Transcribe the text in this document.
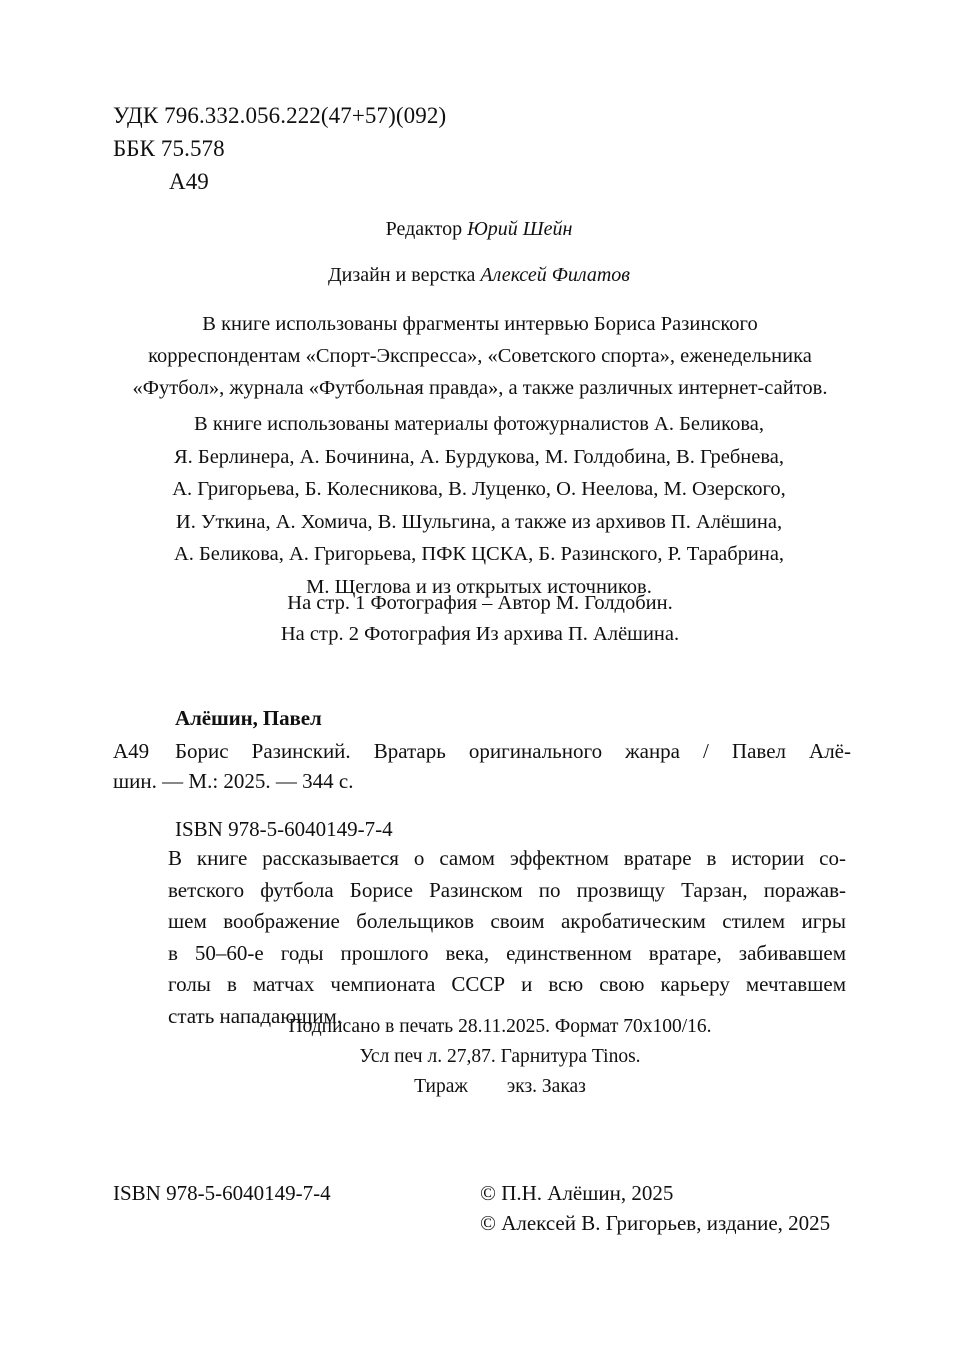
УДК 796.332.056.222(47+57)(092)
ББК 75.578
А49
Редактор Юрий Шейн
Дизайн и верстка Алексей Филатов
В книге использованы фрагменты интервью Бориса Разинского
корреспондентам «Спорт-Экспресса», «Советского спорта», еженедельника
«Футбол», журнала «Футбольная правда», а также различных интернет-сайтов.
В книге использованы материалы фотожурналистов А. Беликова,
Я. Берлинера, А. Бочинина, А. Бурдукова, М. Голдобина, В. Гребнева,
А. Григорьева, Б. Колесникова, В. Луценко, О. Неелова, М. Озерского,
И. Уткина, А. Хомича, В. Шульгина, а также из архивов П. Алёшина,
А. Беликова, А. Григорьева, ПФК ЦСКА, Б. Разинского, Р. Тарабрина,
М. Щеглова и из открытых источников.
На стр. 1 Фотография – Автор М. Голдобин.
На стр. 2 Фотография Из архива П. Алёшина.
Алёшин, Павел
А49 Борис Разинский. Вратарь оригинального жанра / Павел Алё-
шин. — М.: 2025. — 344 с.
ISBN 978-5-6040149-7-4
В книге рассказывается о самом эффектном вратаре в истории со-
ветского футбола Борисе Разинском по прозвищу Тарзан, поражав-
шем воображение болельщиков своим акробатическим стилем игры
в 50–60-е годы прошлого века, единственном вратаре, забивавшем
голы в матчах чемпионата СССР и всю свою карьеру мечтавшем
стать нападающим.
Подписано в печать 28.11.2025. Формат 70х100/16.
Усл печ л. 27,87. Гарнитура Tinos.
Тираж        экз. Заказ
ISBN 978-5-6040149-7-4	© П.Н. Алёшин, 2025
© Алексей В. Григорьев, издание, 2025
